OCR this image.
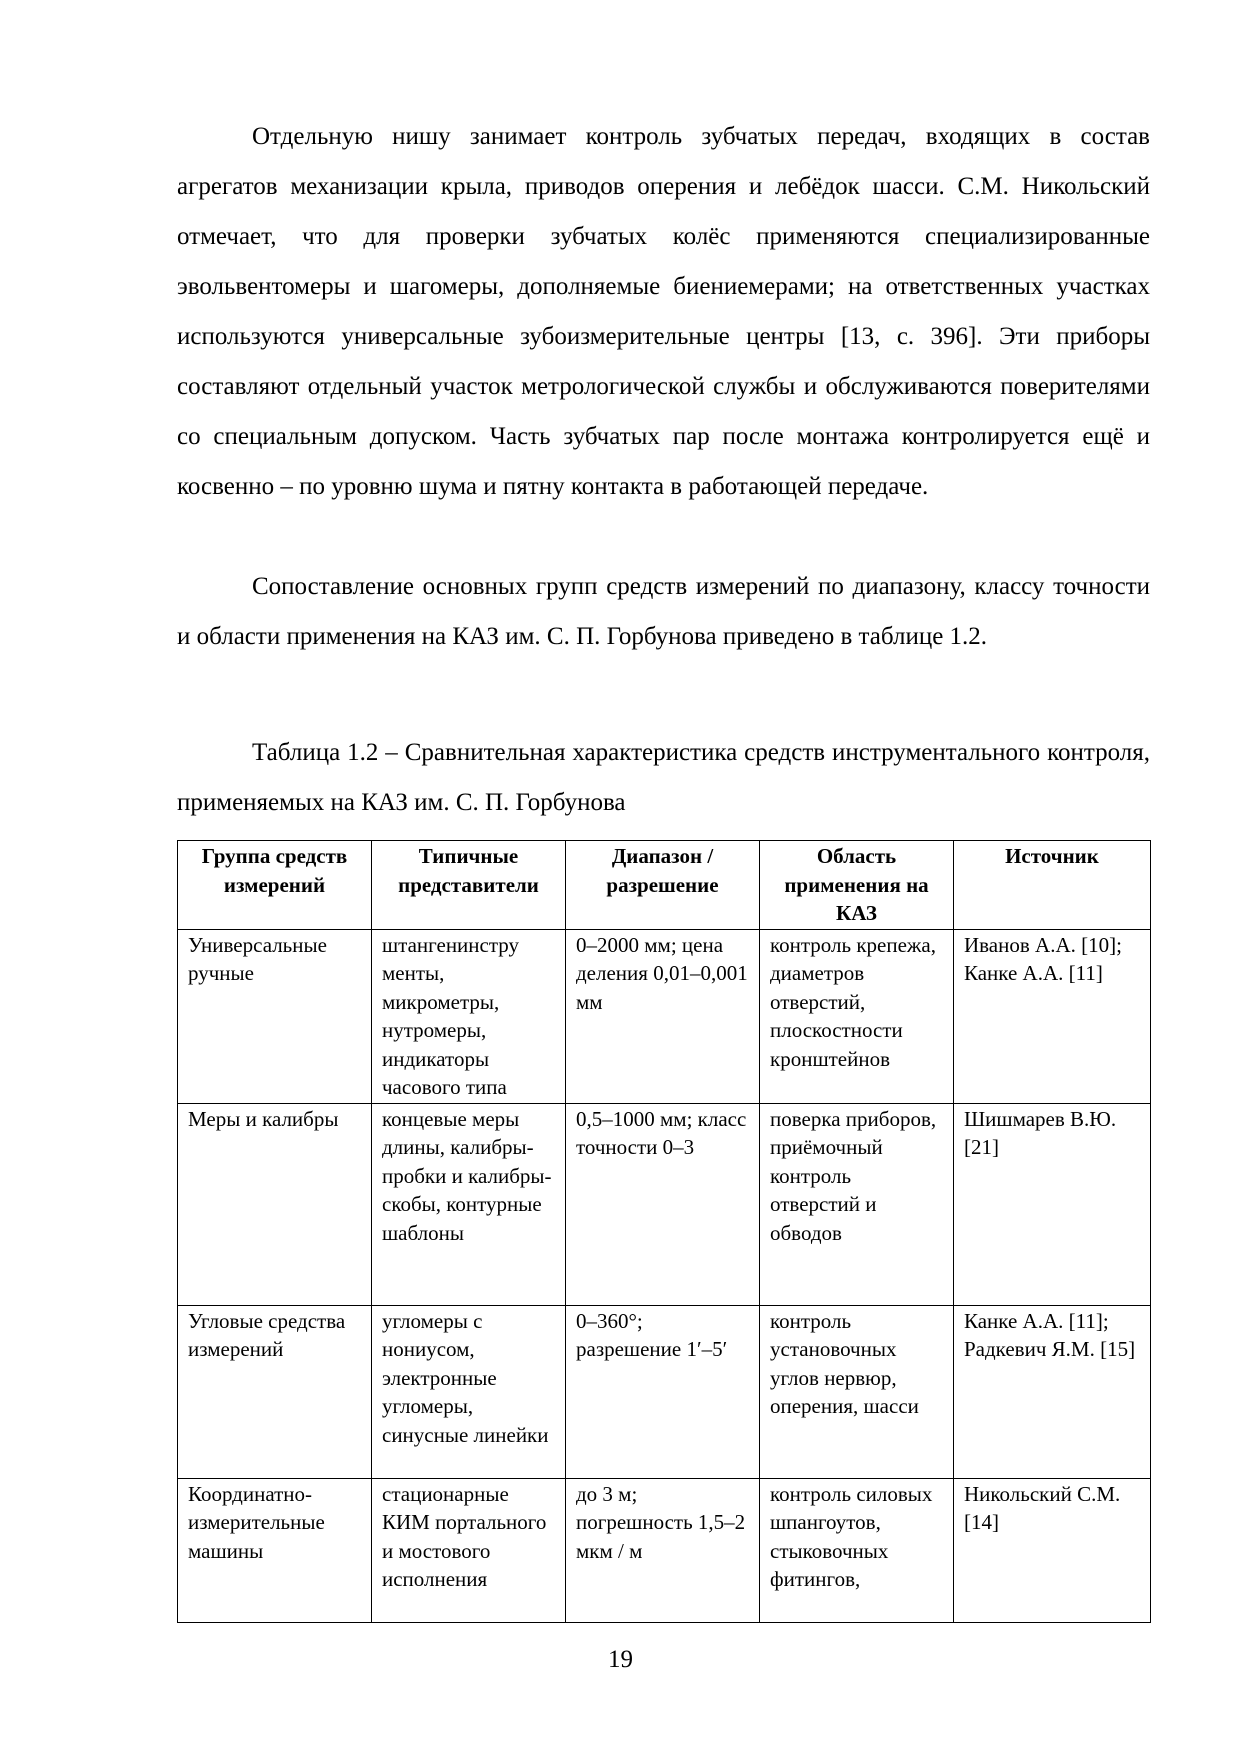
Отдельную нишу занимает контроль зубчатых передач, входящих в состав агрегатов механизации крыла, приводов оперения и лебёдок шасси. С.М. Никольский отмечает, что для проверки зубчатых колёс применяются специализированные эвольвентомеры и шагомеры, дополняемые биениемерами; на ответственных участках используются универсальные зубоизмерительные центры [13, с. 396]. Эти приборы составляют отдельный участок метрологической службы и обслуживаются поверителями со специальным допуском. Часть зубчатых пар после монтажа контролируется ещё и косвенно – по уровню шума и пятну контакта в работающей передаче.

Сопоставление основных групп средств измерений по диапазону, классу точности и области применения на КАЗ им. С. П. Горбунова приведено в таблице 1.2.

Таблица 1.2 – Сравнительная характеристика средств инструментального контроля, применяемых на КАЗ им. С. П. Горбунова

Группа средств измерений	Типичные представители	Диапазон / разрешение	Область применения на КАЗ	Источник
Универсальные ручные	штангенинстру менты, микрометры, нутромеры, индикаторы часового типа	0–2000 мм; цена деления 0,01–0,001 мм	контроль крепежа, диаметров отверстий, плоскостности кронштейнов	Иванов А.А. [10]; Канке А.А. [11]
Меры и калибры	концевые меры длины, калибры-пробки и калибры-скобы, контурные шаблоны	0,5–1000 мм; класс точности 0–3	поверка приборов, приёмочный контроль отверстий и обводов	Шишмарев В.Ю. [21]
Угловые средства измерений	угломеры с нониусом, электронные угломеры, синусные линейки	0–360°; разрешение 1′–5′	контроль установочных углов нервюр, оперения, шасси	Канке А.А. [11]; Радкевич Я.М. [15]
Координатно-измерительные машины	стационарные КИМ портального и мостового исполнения	до 3 м; погрешность 1,5–2 мкм / м	контроль силовых шпангоутов, стыковочных фитингов,	Никольский С.М. [14]
19
